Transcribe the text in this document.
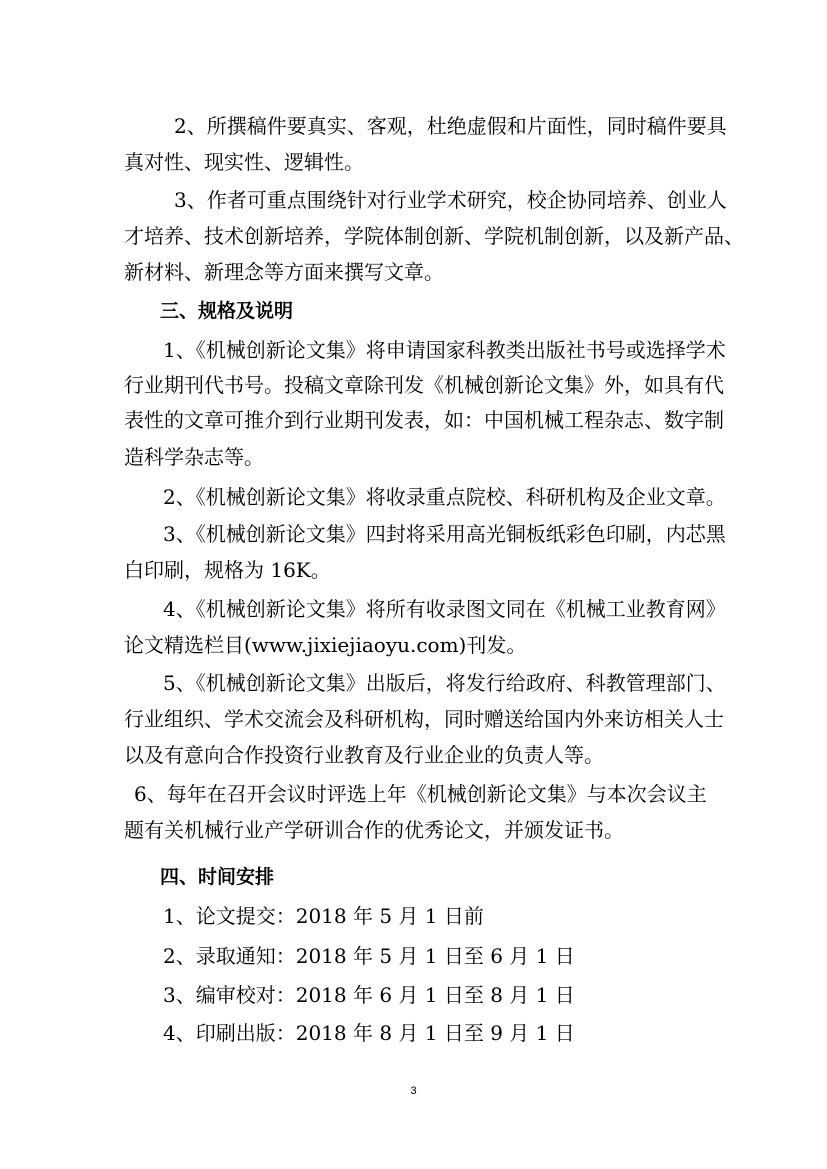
2、所撰稿件要真实、客观，杜绝虚假和片面性，同时稿件要具
真对性、现实性、逻辑性。
3、作者可重点围绕针对行业学术研究，校企协同培养、创业人
才培养、技术创新培养，学院体制创新、学院机制创新，以及新产品、
新材料、新理念等方面来撰写文章。
三、规格及说明
1、《机械创新论文集》将申请国家科教类出版社书号或选择学术
行业期刊代书号。投稿文章除刊发《机械创新论文集》外，如具有代
表性的文章可推介到行业期刊发表，如：中国机械工程杂志、数字制
造科学杂志等。
2、《机械创新论文集》将收录重点院校、科研机构及企业文章。
3、《机械创新论文集》四封将采用高光铜板纸彩色印刷，内芯黑
白印刷，规格为 16K。
4、《机械创新论文集》将所有收录图文同在《机械工业教育网》
论文精选栏目(www.jixiejiaoyu.com)刊发。
5、《机械创新论文集》出版后，将发行给政府、科教管理部门、
行业组织、学术交流会及科研机构，同时赠送给国内外来访相关人士
以及有意向合作投资行业教育及行业企业的负责人等。
6、每年在召开会议时评选上年《机械创新论文集》与本次会议主
题有关机械行业产学研训合作的优秀论文，并颁发证书。
四、时间安排
1、论文提交：2018 年 5 月 1 日前
2、录取通知：2018 年 5 月 1 日至 6 月 1 日
3、编审校对：2018 年 6 月 1 日至 8 月 1 日
4、印刷出版：2018 年 8 月 1 日至 9 月 1 日
3
